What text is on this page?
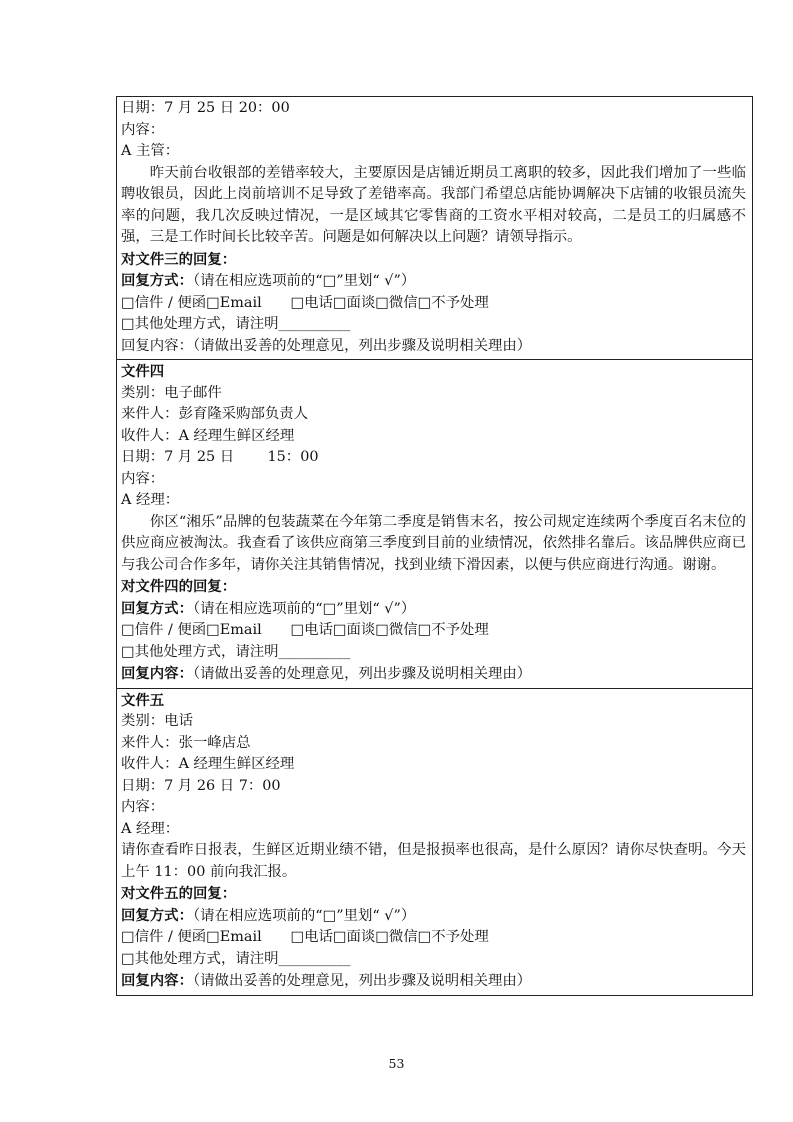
日期：7 月 25 日 20：00
内容：
A 主管：
昨天前台收银部的差错率较大，主要原因是店铺近期员工离职的较多，因此我们增加了一些临聘收银员，因此上岗前培训不足导致了差错率高。我部门希望总店能协调解决下店铺的收银员流失率的问题，我几次反映过情况，一是区域其它零售商的工资水平相对较高，二是员工的归属感不强，三是工作时间长比较辛苦。问题是如何解决以上问题？请领导指示。
对文件三的回复：
回复方式：（请在相应选项前的“□”里划“ √”）
□信件 / 便函□Email　　□电话□面谈□微信□不予处理
□其他处理方式，请注明__________
回复内容：（请做出妥善的处理意见，列出步骤及说明相关理由）
文件四
类别：电子邮件
来件人：彭育隆采购部负责人
收件人：A 经理生鲜区经理
日期：7 月 25 日　　 15：00
内容：
A 经理：
你区“湘乐”品牌的包装蔬菜在今年第二季度是销售末名，按公司规定连续两个季度百名末位的供应商应被淘汰。我查看了该供应商第三季度到目前的业绩情况，依然排名靠后。该品牌供应商已与我公司合作多年，请你关注其销售情况，找到业绩下滑因素，以便与供应商进行沟通。谢谢。
对文件四的回复：
回复方式：（请在相应选项前的“□”里划“ √”）
□信件 / 便函□Email　　□电话□面谈□微信□不予处理
□其他处理方式，请注明__________
回复内容：（请做出妥善的处理意见，列出步骤及说明相关理由）
文件五
类别：电话
来件人：张一峰店总
收件人：A 经理生鲜区经理
日期：7 月 26 日 7：00
内容：
A 经理：
请你查看昨日报表，生鲜区近期业绩不错，但是报损率也很高，是什么原因？请你尽快查明。今天上午 11：00 前向我汇报。
对文件五的回复：
回复方式：（请在相应选项前的“□”里划“ √”）
□信件 / 便函□Email　　□电话□面谈□微信□不予处理
□其他处理方式，请注明__________
回复内容：（请做出妥善的处理意见，列出步骤及说明相关理由）
53
